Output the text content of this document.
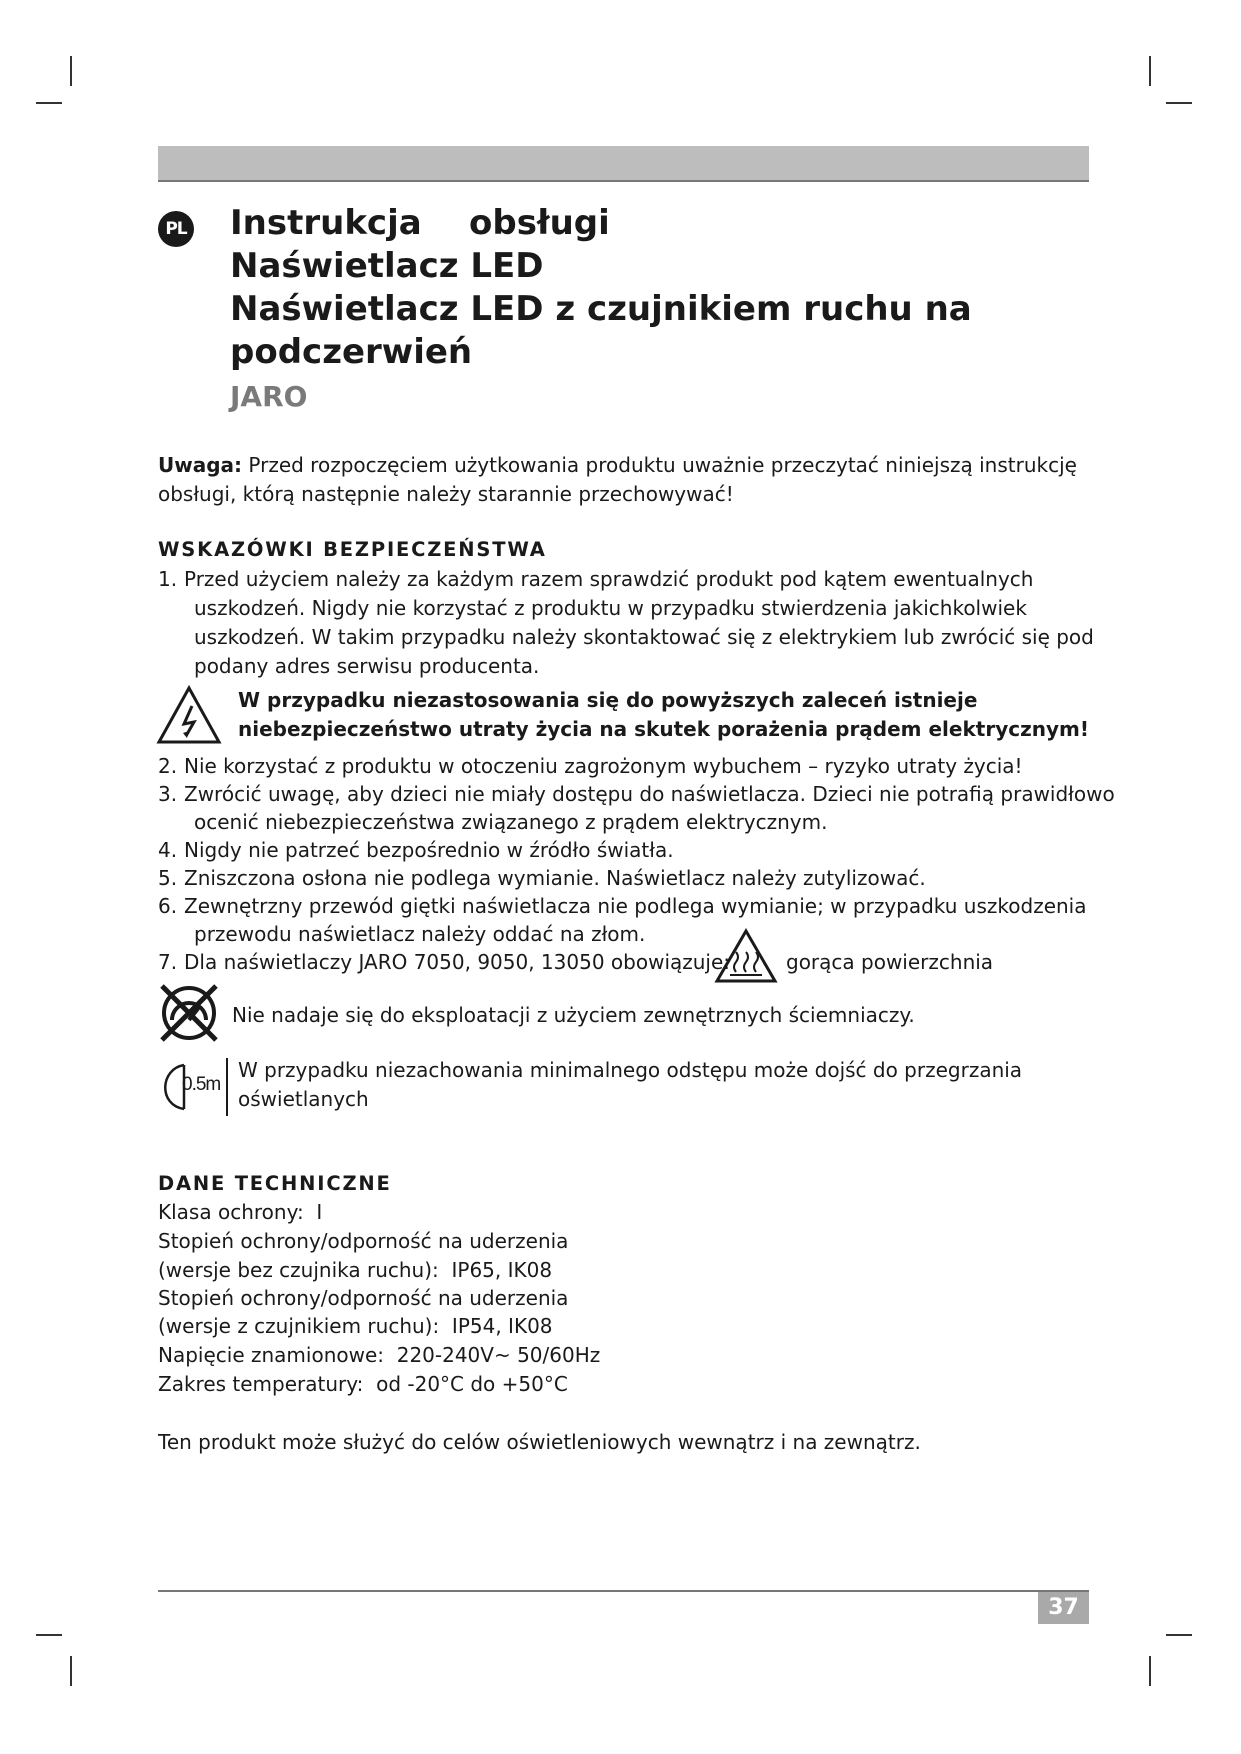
PL Instrukcja    obsługi
Naświetlacz LED
Naświetlacz LED z czujnikiem ruchu na
podczerwień
JARO
Uwaga: Przed rozpoczęciem użytkowania produktu uważnie przeczytać niniejszą instrukcję
obsługi, którą następnie należy starannie przechowywać!
WSKAZÓWKI BEZPIECZEŃSTWA
1. Przed użyciem należy za każdym razem sprawdzić produkt pod kątem ewentualnych
uszkodzeń. Nigdy nie korzystać z produktu w przypadku stwierdzenia jakichkolwiek
uszkodzeń. W takim przypadku należy skontaktować się z elektrykiem lub zwrócić się pod
podany adres serwisu producenta.
W przypadku niezastosowania się do powyższych zaleceń istnieje
niebezpieczeństwo utraty życia na skutek porażenia prądem elektrycznym!
2. Nie korzystać z produktu w otoczeniu zagrożonym wybuchem – ryzyko utraty życia!
3. Zwrócić uwagę, aby dzieci nie miały dostępu do naświetlacza. Dzieci nie potrafią prawidłowo
ocenić niebezpieczeństwa związanego z prądem elektrycznym.
4. Nigdy nie patrzeć bezpośrednio w źródło światła.
5. Zniszczona osłona nie podlega wymianie. Naświetlacz należy zutylizować.
6. Zewnętrzny przewód giętki naświetlacza nie podlega wymianie; w przypadku uszkodzenia
przewodu naświetlacz należy oddać na złom.
7. Dla naświetlaczy JARO 7050, 9050, 13050 obowiązuje:	gorąca powierzchnia
Nie nadaje się do eksploatacji z użyciem zewnętrznych ściemniaczy.
0.5m
W przypadku niezachowania minimalnego odstępu może dojść do przegrzania
oświetlanych
DANE TECHNICZNE
Klasa ochrony:  I
Stopień ochrony/odporność na uderzenia
(wersje bez czujnika ruchu):  IP65, IK08
Stopień ochrony/odporność na uderzenia
(wersje z czujnikiem ruchu):  IP54, IK08
Napięcie znamionowe:  220-240V~ 50/60Hz
Zakres temperatury:  od -20°C do +50°C
Ten produkt może służyć do celów oświetleniowych wewnątrz i na zewnątrz.
37
